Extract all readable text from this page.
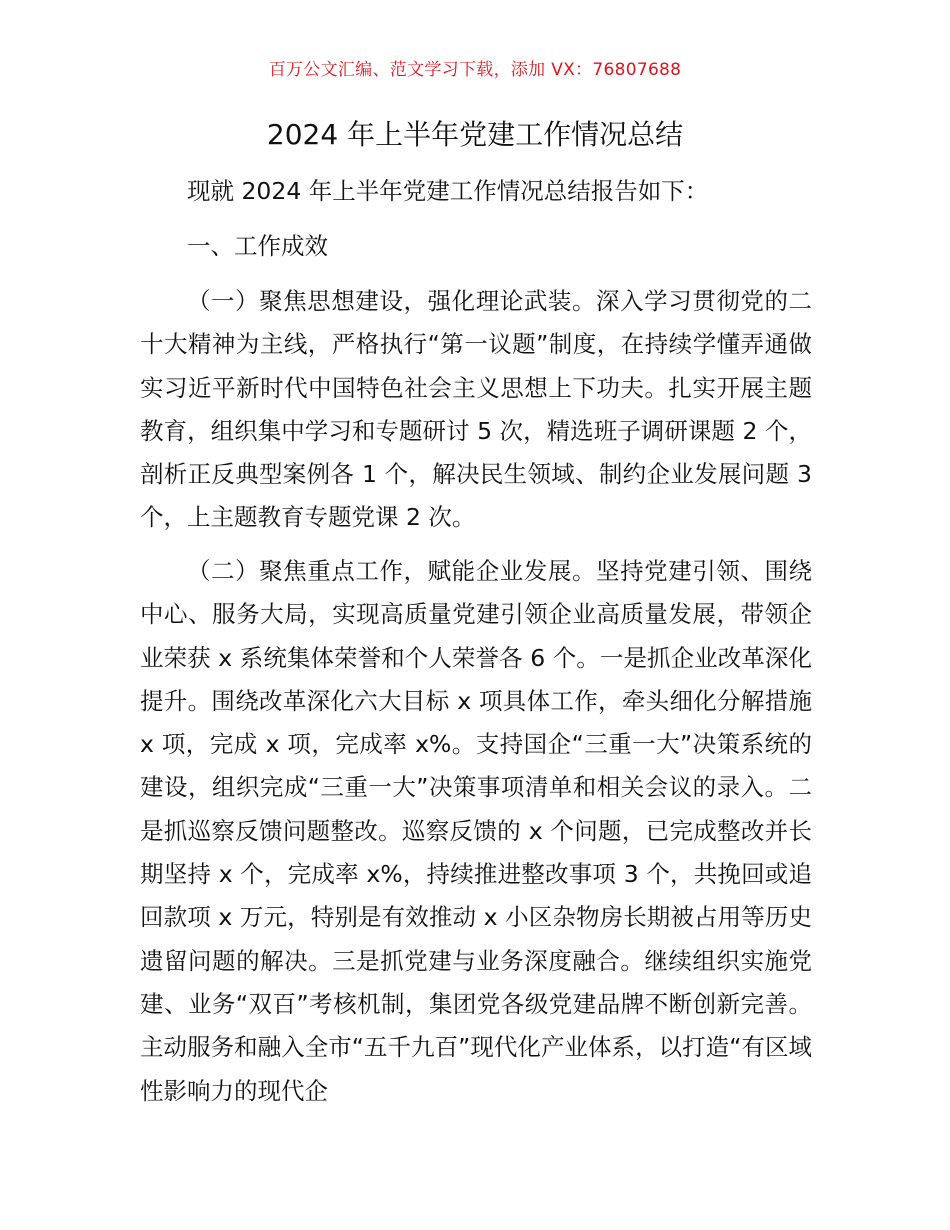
百万公文汇编、范文学习下载，添加 VX：76807688
2024 年上半年党建工作情况总结

现就 2024 年上半年党建工作情况总结报告如下：

一、工作成效

（一）聚焦思想建设，强化理论武装。深入学习贯彻党的二十大精神为主线，严格执行“第一议题”制度，在持续学懂弄通做实习近平新时代中国特色社会主义思想上下功夫。扎实开展主题教育，组织集中学习和专题研讨 5 次，精选班子调研课题 2 个，剖析正反典型案例各 1 个，解决民生领域、制约企业发展问题 3 个，上主题教育专题党课 2 次。

（二）聚焦重点工作，赋能企业发展。坚持党建引领、围绕中心、服务大局，实现高质量党建引领企业高质量发展，带领企业荣获 x 系统集体荣誉和个人荣誉各 6 个。一是抓企业改革深化提升。围绕改革深化六大目标 x 项具体工作，牵头细化分解措施 x 项，完成 x 项，完成率 x%。支持国企“三重一大”决策系统的建设，组织完成“三重一大”决策事项清单和相关会议的录入。二是抓巡察反馈问题整改。巡察反馈的 x 个问题，已完成整改并长期坚持 x 个，完成率 x%，持续推进整改事项 3 个，共挽回或追回款项 x 万元，特别是有效推动 x 小区杂物房长期被占用等历史遗留问题的解决。三是抓党建与业务深度融合。继续组织实施党建、业务“双百”考核机制，集团党各级党建品牌不断创新完善。主动服务和融入全市“五千九百”现代化产业体系，以打造“有区域性影响力的现代企
